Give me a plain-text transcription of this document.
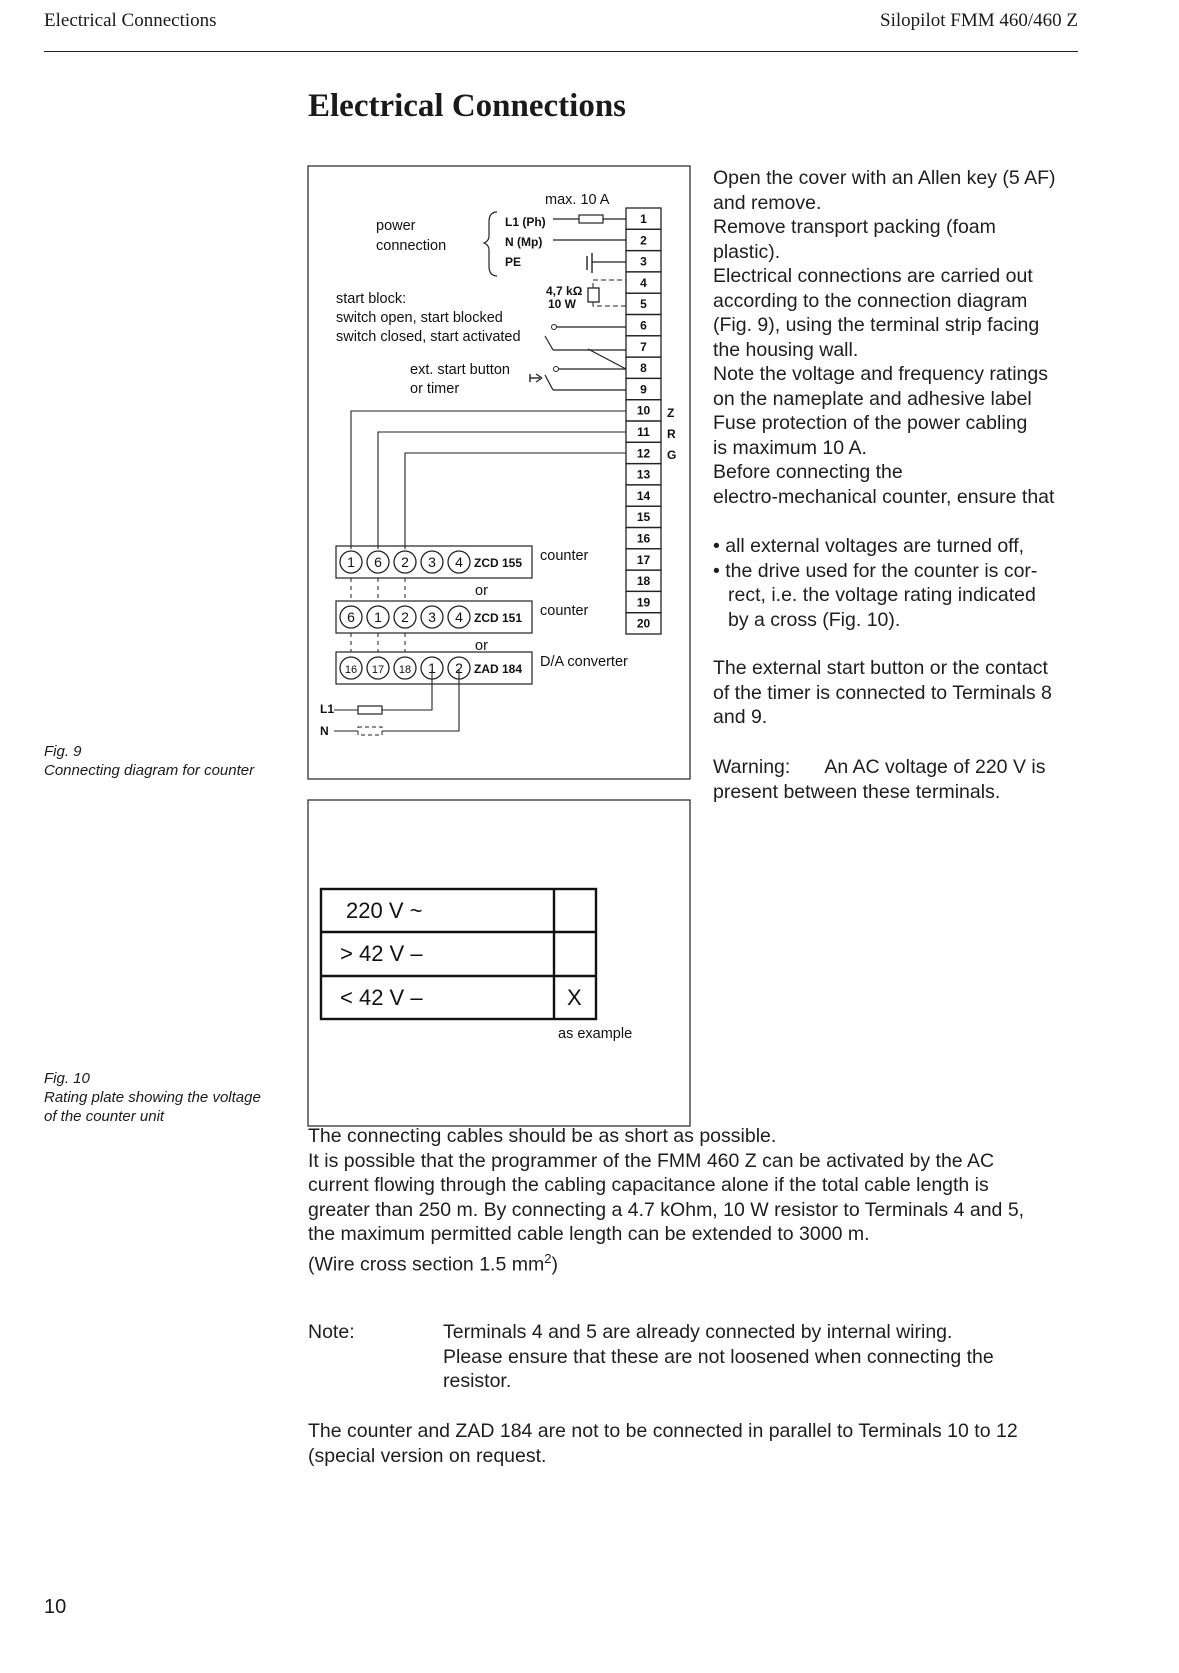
Electrical Connections	Silopilot FMM 460/460 Z
Electrical Connections
max. 10 A
power
connection
L1 (Ph)
N (Mp)
PE
4,7 kΩ
10 W
start block:
switch open, start blocked
switch closed, start activated
ext. start button
or timer
1
2
3
4
5
6
7
8
9
10
11
12
13
14
15
16
17
18
19
20
Z
R
G
1 6 2 3 4 ZCD 155 counter
or
6 1 2 3 4 ZCD 151 counter
or
16 17 18 1 2 ZAD 184 D/A converter
L1
N
220 V ~
> 42 V –
< 42 V –	X
as example
Fig. 9
Connecting diagram for counter
Fig. 10
Rating plate showing the voltage
of the counter unit
Open the cover with an Allen key (5 AF)
and remove.
Remove transport packing (foam
plastic).
Electrical connections are carried out
according to the connection diagram
(Fig. 9), using the terminal strip facing
the housing wall.
Note the voltage and frequency ratings
on the nameplate and adhesive label
Fuse protection of the power cabling
is maximum 10 A.
Before connecting the
electro-mechanical counter, ensure that
• all external voltages are turned off,
• the drive used for the counter is cor-
rect, i.e. the voltage rating indicated
by a cross (Fig. 10).
The external start button or the contact
of the timer is connected to Terminals 8
and 9.
Warning: An AC voltage of 220 V is
present between these terminals.
The connecting cables should be as short as possible.
It is possible that the programmer of the FMM 460 Z can be activated by the AC
current flowing through the cabling capacitance alone if the total cable length is
greater than 250 m. By connecting a 4.7 kOhm, 10 W resistor to Terminals 4 and 5,
the maximum permitted cable length can be extended to 3000 m.
(Wire cross section 1.5 $mm^2$)
Note:	Terminals 4 and 5 are already connected by internal wiring.
Please ensure that these are not loosened when connecting the
resistor.
The counter and ZAD 184 are not to be connected in parallel to Terminals 10 to 12
(special version on request.
10
